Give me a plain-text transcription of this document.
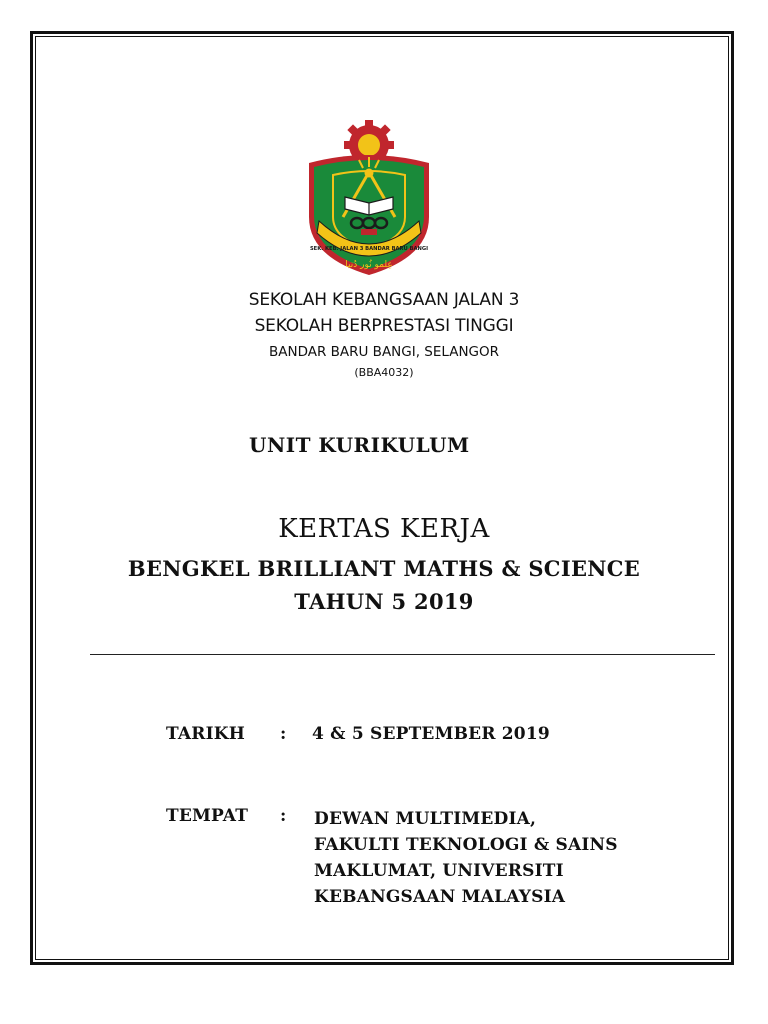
SEK. KEB. JALAN 3 BANDAR BARU BANGI
عِلمو نُور دُنيا
SEKOLAH KEBANGSAAN JALAN 3
SEKOLAH BERPRESTASI TINGGI
BANDAR BARU BANGI, SELANGOR
(BBA4032)
UNIT KURIKULUM
KERTAS KERJA
BENGKEL BRILLIANT MATHS & SCIENCE
TAHUN 5 2019
TARIKH : 4 & 5 SEPTEMBER 2019
TEMPAT : DEWAN MULTIMEDIA,
FAKULTI TEKNOLOGI & SAINS
MAKLUMAT, UNIVERSITI
KEBANGSAAN MALAYSIA
